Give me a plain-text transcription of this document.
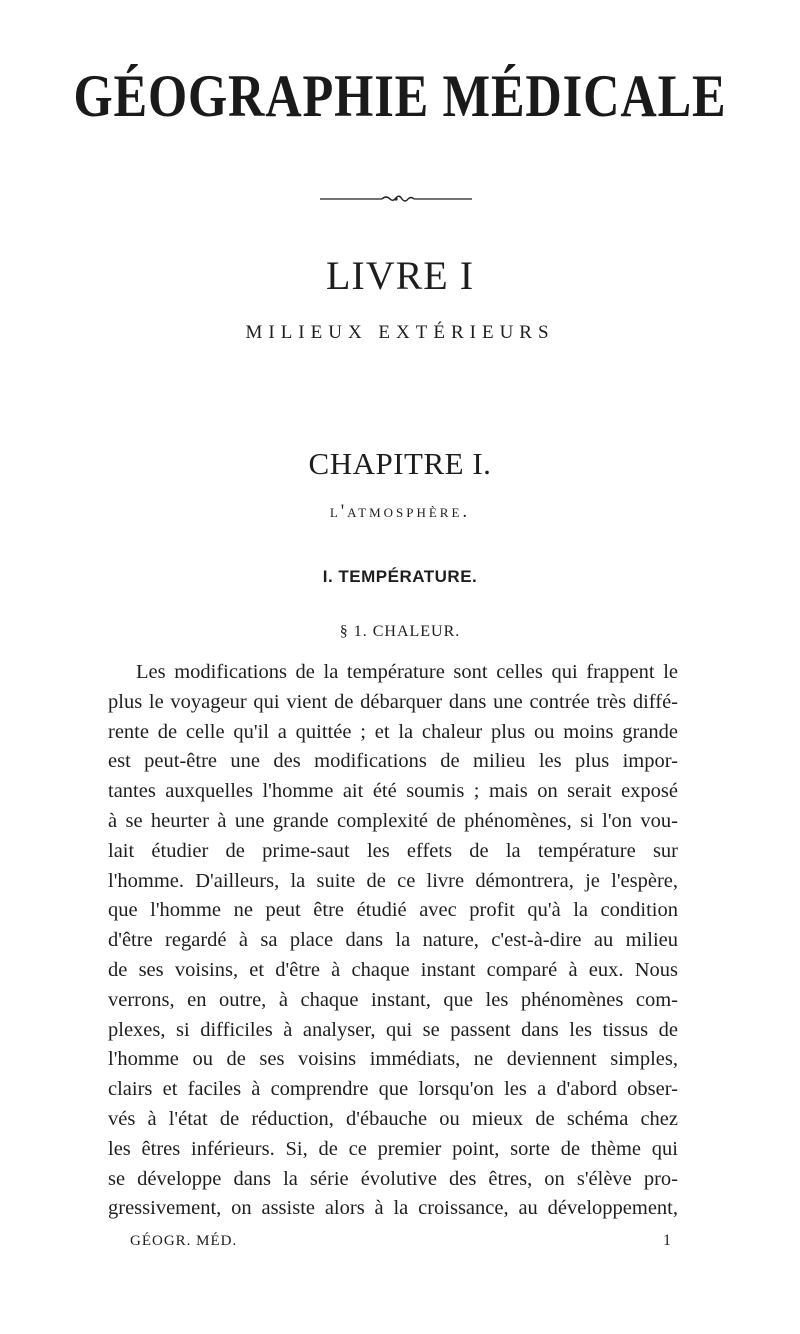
GÉOGRAPHIE MÉDICALE
LIVRE I
MILIEUX EXTÉRIEURS
CHAPITRE I.
l'atmosphère.
I. TEMPÉRATURE.
§ 1. CHALEUR.
Les modifications de la température sont celles qui frappent le
plus le voyageur qui vient de débarquer dans une contrée très diffé-
rente de celle qu'il a quittée ; et la chaleur plus ou moins grande
est peut-être une des modifications de milieu les plus impor-
tantes auxquelles l'homme ait été soumis ; mais on serait exposé
à se heurter à une grande complexité de phénomènes, si l'on vou-
lait étudier de prime-saut les effets de la température sur
l'homme. D'ailleurs, la suite de ce livre démontrera, je l'espère,
que l'homme ne peut être étudié avec profit qu'à la condition
d'être regardé à sa place dans la nature, c'est-à-dire au milieu
de ses voisins, et d'être à chaque instant comparé à eux. Nous
verrons, en outre, à chaque instant, que les phénomènes com-
plexes, si difficiles à analyser, qui se passent dans les tissus de
l'homme ou de ses voisins immédiats, ne deviennent simples,
clairs et faciles à comprendre que lorsqu'on les a d'abord obser-
vés à l'état de réduction, d'ébauche ou mieux de schéma chez
les êtres inférieurs. Si, de ce premier point, sorte de thème qui
se développe dans la série évolutive des êtres, on s'élève pro-
gressivement, on assiste alors à la croissance, au développement,
GÉOGR. MÉD.	1
